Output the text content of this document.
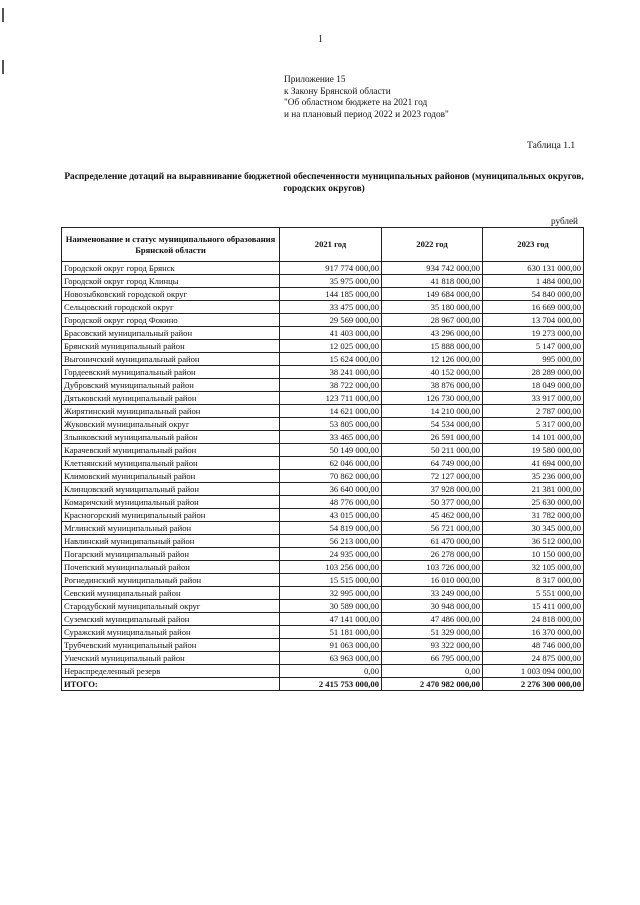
1
Приложение 15
к Закону Брянской области
"Об областном бюджете на 2021 год
и на плановый период 2022 и 2023 годов"
Таблица 1.1
Распределение дотаций на выравнивание бюджетной обеспеченности муниципальных районов (муниципальных округов, городских округов)
рублей
Наименование и статус муниципального образования Брянской области	2021 год	2022 год	2023 год
Городской округ город Брянск	917 774 000,00	934 742 000,00	630 131 000,00
Городской округ город Клинцы	35 975 000,00	41 818 000,00	1 484 000,00
Новозыбковский городской округ	144 185 000,00	149 684 000,00	54 840 000,00
Сельцовский городской округ	33 475 000,00	35 180 000,00	16 669 000,00
Городской округ город Фокино	29 569 000,00	28 967 000,00	13 704 000,00
Брасовский муниципальный район	41 403 000,00	43 296 000,00	19 273 000,00
Брянский муниципальный район	12 025 000,00	15 888 000,00	5 147 000,00
Выгоничский муниципальный район	15 624 000,00	12 126 000,00	995 000,00
Гордеевский муниципальный район	38 241 000,00	40 152 000,00	28 289 000,00
Дубровский муниципальный район	38 722 000,00	38 876 000,00	18 049 000,00
Дятьковский муниципальный район	123 711 000,00	126 730 000,00	33 917 000,00
Жирятинский муниципальный район	14 621 000,00	14 210 000,00	2 787 000,00
Жуковский муниципальный округ	53 805 000,00	54 534 000,00	5 317 000,00
Злынковский муниципальный район	33 465 000,00	26 591 000,00	14 101 000,00
Карачевский муниципальный район	50 149 000,00	50 211 000,00	19 580 000,00
Клетнянский муниципальный район	62 046 000,00	64 749 000,00	41 694 000,00
Климовский муниципальный район	70 862 000,00	72 127 000,00	35 236 000,00
Клинцовский муниципальный район	36 640 000,00	37 928 000,00	21 381 000,00
Комаричский муниципальный район	48 776 000,00	50 377 000,00	25 630 000,00
Красногорский муниципальный район	43 015 000,00	45 462 000,00	31 782 000,00
Мглинский муниципальный район	54 819 000,00	56 721 000,00	30 345 000,00
Навлинский муниципальный район	56 213 000,00	61 470 000,00	36 512 000,00
Погарский муниципальный район	24 935 000,00	26 278 000,00	10 150 000,00
Почепский муниципальный район	103 256 000,00	103 726 000,00	32 105 000,00
Рогнединский муниципальный район	15 515 000,00	16 010 000,00	8 317 000,00
Севский муниципальный район	32 995 000,00	33 249 000,00	5 551 000,00
Стародубский муниципальный округ	30 589 000,00	30 948 000,00	15 411 000,00
Суземский муниципальный район	47 141 000,00	47 486 000,00	24 818 000,00
Суражский муниципальный район	51 181 000,00	51 329 000,00	16 370 000,00
Трубчевский муниципальный район	91 063 000,00	93 322 000,00	48 746 000,00
Унечский муниципальный район	63 963 000,00	66 795 000,00	24 875 000,00
Нераспределенный резерв	0,00	0,00	1 003 094 000,00
ИТОГО:	2 415 753 000,00	2 470 982 000,00	2 276 300 000,00
